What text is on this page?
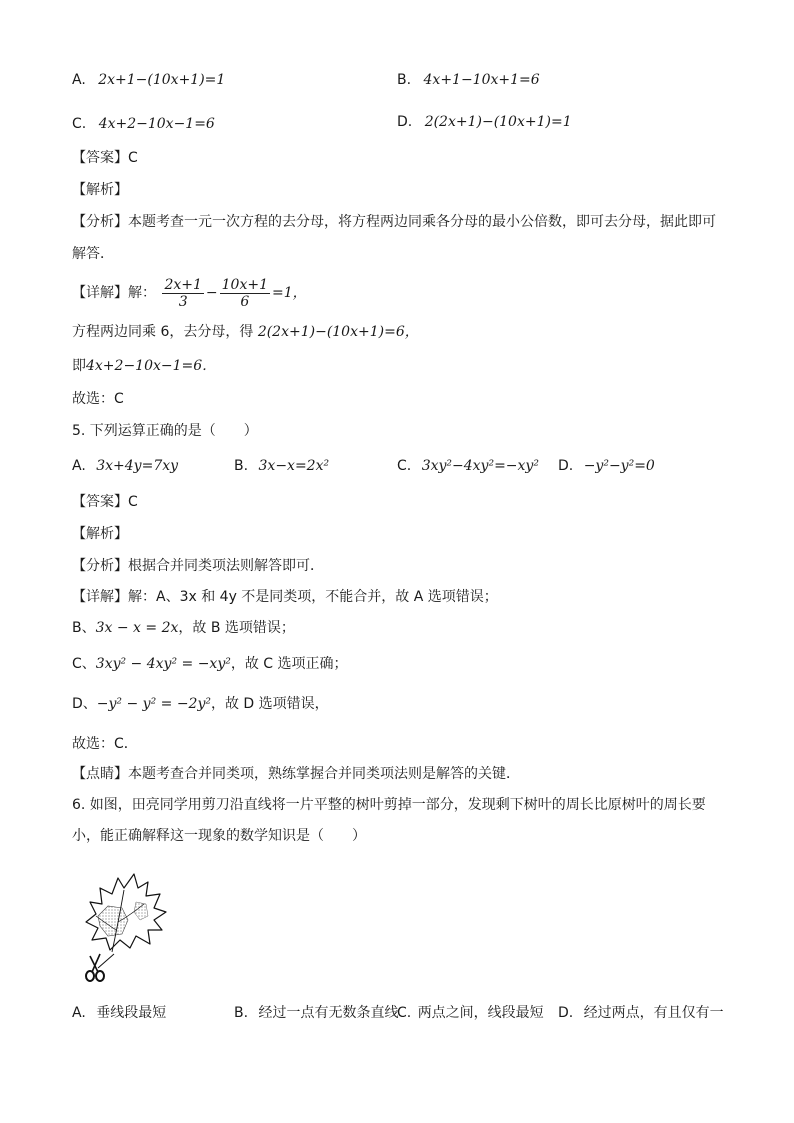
A. 2x+1−(10x+1)=1	B. 4x+1−10x+1=6
C. 4x+2−10x−1=6	D. 2(2x+1)−(10x+1)=1
【答案】C
【解析】
【分析】本题考查一元一次方程的去分母，将方程两边同乘各分母的最小公倍数，即可去分母，据此即可
解答．
【详解】解： $\frac{2x+1}{3} - \frac{10x+1}{6} =1$，
方程两边同乘 6，去分母，得 2(2x+1)−(10x+1)=6，
即4x+2−10x−1=6．
故选：C
5. 下列运算正确的是（　　）
A. 3x+4y=7xy	B. 3x−x=2x²	C. 3xy²−4xy²=−xy² D. −y²−y²=0
【答案】C
【解析】
【分析】根据合并同类项法则解答即可．
【详解】解：A、3x 和 4y 不是同类项，不能合并，故 A 选项错误；
B、3x − x = 2x，故 B 选项错误；
C、3xy² − 4xy² = −xy²，故 C 选项正确；
D、−y² − y² = −2y²，故 D 选项错误，
故选：C．
【点睛】本题考查合并同类项，熟练掌握合并同类项法则是解答的关键．
6. 如图，田亮同学用剪刀沿直线将一片平整的树叶剪掉一部分，发现剩下树叶的周长比原树叶的周长要
小，能正确解释这一现象的数学知识是（　　）
A. 垂线段最短	B. 经过一点有无数条直线
C. 两点之间，线段最短 D. 经过两点，有且仅有一
